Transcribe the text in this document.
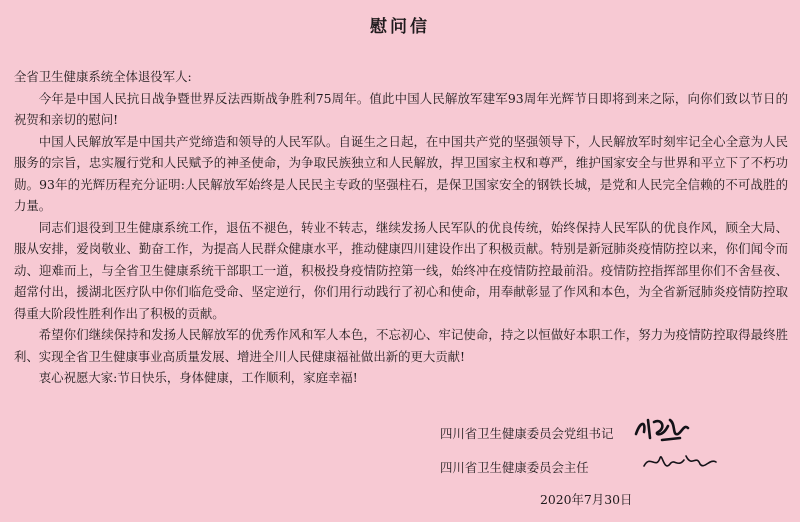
慰问信

全省卫生健康系统全体退役军人:

今年是中国人民抗日战争暨世界反法西斯战争胜利75周年。值此中国人民解放军建军93周年光辉节日即将到来之际，向你们致以节日的祝贺和亲切的慰问!

中国人民解放军是中国共产党缔造和领导的人民军队。自诞生之日起，在中国共产党的坚强领导下，人民解放军时刻牢记全心全意为人民服务的宗旨，忠实履行党和人民赋予的神圣使命，为争取民族独立和人民解放，捍卫国家主权和尊严，维护国家安全与世界和平立下了不朽功勋。93年的光辉历程充分证明:人民解放军始终是人民民主专政的坚强柱石，是保卫国家安全的钢铁长城，是党和人民完全信赖的不可战胜的力量。

同志们退役到卫生健康系统工作，退伍不褪色，转业不转志，继续发扬人民军队的优良传统，始终保持人民军队的优良作风，顾全大局、服从安排，爱岗敬业、勤奋工作，为提高人民群众健康水平，推动健康四川建设作出了积极贡献。特别是新冠肺炎疫情防控以来，你们闻令而动、迎难而上，与全省卫生健康系统干部职工一道，积极投身疫情防控第一线，始终冲在疫情防控最前沿。疫情防控指挥部里你们不舍昼夜、超常付出，援湖北医疗队中你们临危受命、坚定逆行，你们用行动践行了初心和使命，用奉献彰显了作风和本色，为全省新冠肺炎疫情防控取得重大阶段性胜利作出了积极的贡献。

希望你们继续保持和发扬人民解放军的优秀作风和军人本色，不忘初心、牢记使命，持之以恒做好本职工作，努力为疫情防控取得最终胜利、实现全省卫生健康事业高质量发展、增进全川人民健康福祉做出新的更大贡献!

衷心祝愿大家:节日快乐，身体健康，工作顺利，家庭幸福!

四川省卫生健康委员会党组书记
四川省卫生健康委员会主任
2020年7月30日
